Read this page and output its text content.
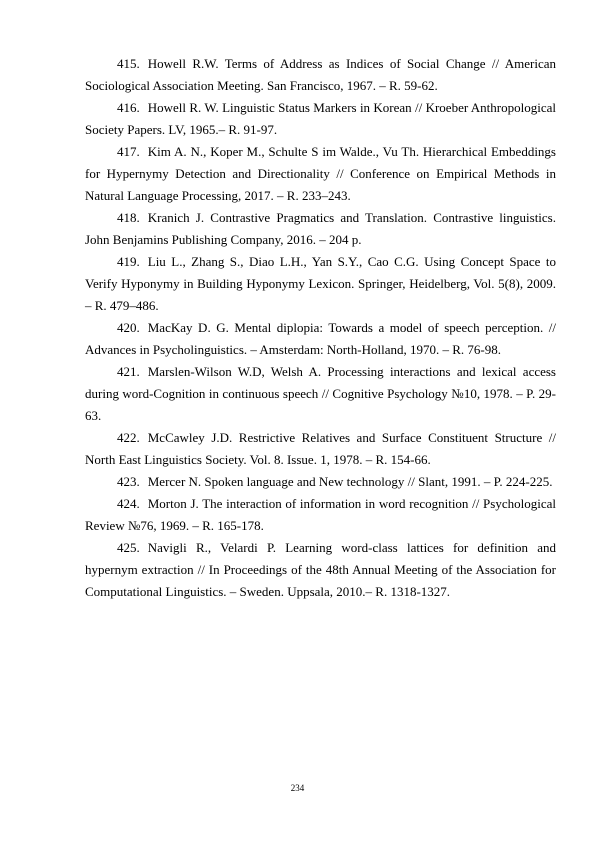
415. Howell R.W. Terms of Address as Indices of Social Change // American Sociological Association Meeting. San Francisco, 1967. – R. 59-62.

416. Howell R. W. Linguistic Status Markers in Korean // Kroeber Anthropological Society Papers. LV, 1965.– R. 91-97.

417. Kim A. N., Koper M., Schulte S im Walde., Vu Th. Hierarchical Embeddings for Hypernymy Detection and Directionality // Conference on Empirical Methods in Natural Language Processing, 2017. – R. 233–243.

418. Kranich J. Contrastive Pragmatics and Translation. Contrastive linguistics. John Benjamins Publishing Company, 2016. – 204 p.

419. Liu L., Zhang S., Diao L.H., Yan S.Y., Cao C.G. Using Concept Space to Verify Hyponymy in Building Hyponymy Lexicon. Springer, Heidelberg, Vol. 5(8), 2009. – R. 479–486.

420. MacKay D. G. Mental diplopia: Towards a model of speech perception. // Advances in Psycholinguistics. – Amsterdam: North-Holland, 1970. – R. 76-98.

421. Marslen-Wilson W.D, Welsh A. Processing interactions and lexical access during word-Cognition in continuous speech // Cognitive Psychology №10, 1978. – P. 29-63.

422. McCawley J.D. Restrictive Relatives and Surface Constituent Structure // North East Linguistics Society. Vol. 8. Issue. 1, 1978. – R. 154-66.

423. Mercer N. Spoken language and New technology // Slant, 1991. – P. 224-225.

424. Morton J. The interaction of information in word recognition // Psychological Review №76, 1969. – R. 165-178.

425. Navigli R., Velardi P. Learning word-class lattices for definition and hypernym extraction // In Proceedings of the 48th Annual Meeting of the Association for Computational Linguistics. – Sweden. Uppsala, 2010.– R. 1318-1327.

234
